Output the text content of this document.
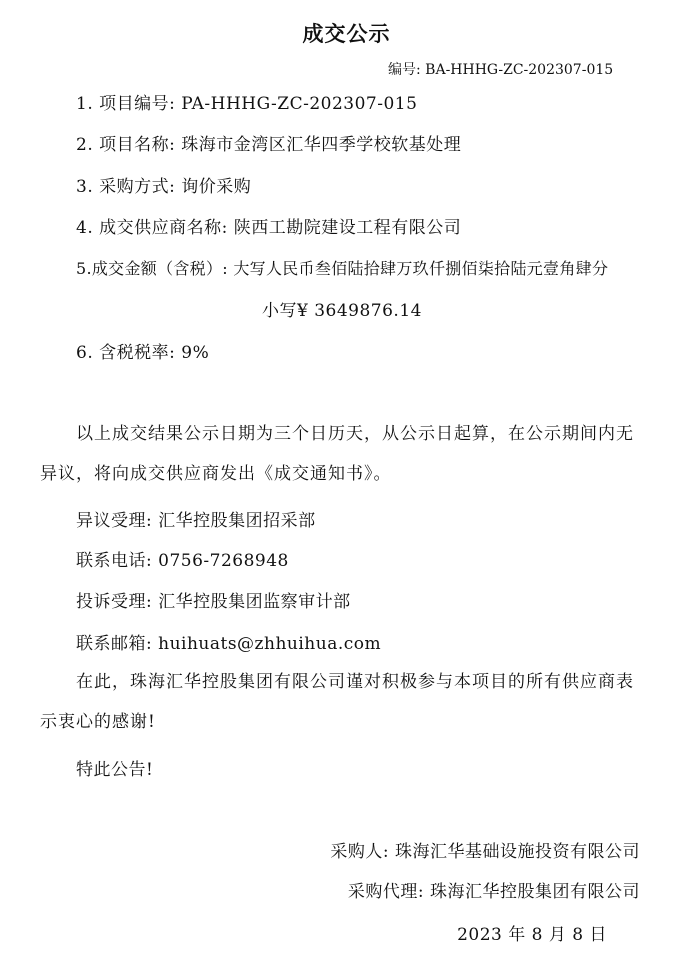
成交公示
编号: BA-HHHG-ZC-202307-015
1. 项目编号: PA-HHHG-ZC-202307-015
2. 项目名称: 珠海市金湾区汇华四季学校软基处理
3. 采购方式: 询价采购
4. 成交供应商名称: 陕西工勘院建设工程有限公司
5.成交金额（含税）: 大写人民币叁佰陆拾肆万玖仟捌佰柒拾陆元壹角肆分
小写¥ 3649876.14
6. 含税税率: 9%
以上成交结果公示日期为三个日历天，从公示日起算，在公示期间内无异议，将向成交供应商发出《成交通知书》。
异议受理: 汇华控股集团招采部
联系电话: 0756-7268948
投诉受理: 汇华控股集团监察审计部
联系邮箱: huihuats@zhhuihua.com
在此，珠海汇华控股集团有限公司谨对积极参与本项目的所有供应商表示衷心的感谢!
特此公告!
采购人: 珠海汇华基础设施投资有限公司
采购代理: 珠海汇华控股集团有限公司
2023 年 8 月 8 日
